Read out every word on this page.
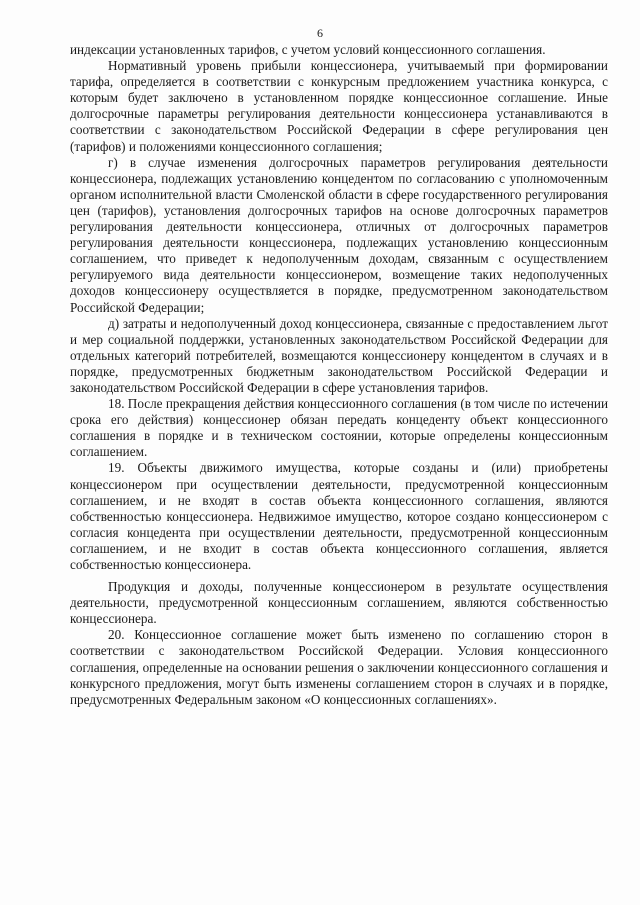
6

индексации установленных тарифов, с учетом условий концессионного соглашения.

Нормативный уровень прибыли концессионера, учитываемый при формировании тарифа, определяется в соответствии с конкурсным предложением участника конкурса, с которым будет заключено в установленном порядке концессионное соглашение. Иные долгосрочные параметры регулирования деятельности концессионера устанавливаются в соответствии с законодательством Российской Федерации в сфере регулирования цен (тарифов) и положениями концессионного соглашения;

г) в случае изменения долгосрочных параметров регулирования деятельности концессионера, подлежащих установлению концедентом по согласованию с уполномоченным органом исполнительной власти Смоленской области в сфере государственного регулирования цен (тарифов), установления долгосрочных тарифов на основе долгосрочных параметров регулирования деятельности концессионера, отличных от долгосрочных параметров регулирования деятельности концессионера, подлежащих установлению концессионным соглашением, что приведет к недополученным доходам, связанным с осуществлением регулируемого вида деятельности концессионером, возмещение таких недополученных доходов концессионеру осуществляется в порядке, предусмотренном законодательством Российской Федерации;

д) затраты и недополученный доход концессионера, связанные с предоставлением льгот и мер социальной поддержки, установленных законодательством Российской Федерации для отдельных категорий потребителей, возмещаются концессионеру концедентом в случаях и в порядке, предусмотренных бюджетным законодательством Российской Федерации и законодательством Российской Федерации в сфере установления тарифов.

18. После прекращения действия концессионного соглашения (в том числе по истечении срока его действия) концессионер обязан передать концеденту объект концессионного соглашения в порядке и в техническом состоянии, которые определены концессионным соглашением.

19. Объекты движимого имущества, которые созданы и (или) приобретены концессионером при осуществлении деятельности, предусмотренной концессионным соглашением, и не входят в состав объекта концессионного соглашения, являются собственностью концессионера. Недвижимое имущество, которое создано концессионером с согласия концедента при осуществлении деятельности, предусмотренной концессионным соглашением, и не входит в состав объекта концессионного соглашения, является собственностью концессионера.

Продукция и доходы, полученные концессионером в результате осуществления деятельности, предусмотренной концессионным соглашением, являются собственностью концессионера.

20. Концессионное соглашение может быть изменено по соглашению сторон в соответствии с законодательством Российской Федерации. Условия концессионного соглашения, определенные на основании решения о заключении концессионного соглашения и конкурсного предложения, могут быть изменены соглашением сторон в случаях и в порядке, предусмотренных Федеральным законом «О концессионных соглашениях».
